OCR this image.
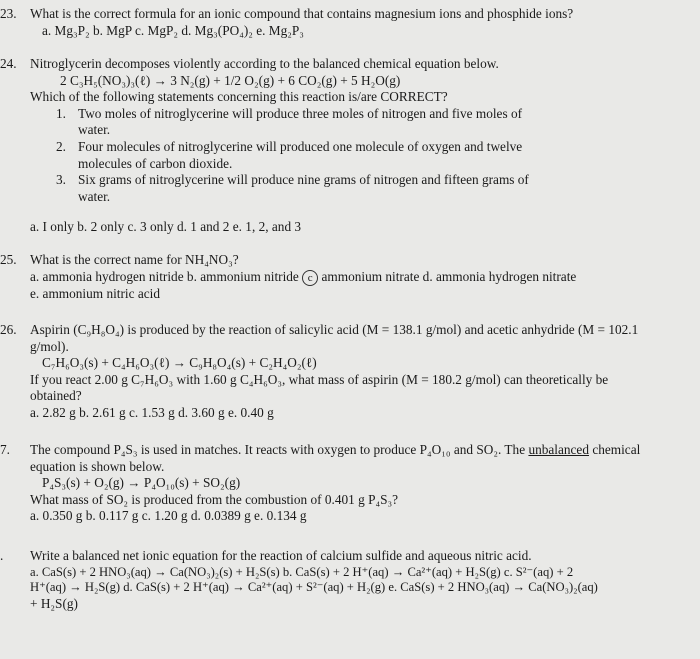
23. What is the correct formula for an ionic compound that contains magnesium ions and phosphide ions?
a. Mg₃P₂ b. MgP c. MgP₂ d. Mg₃(PO₄)₂ e. Mg₂P₃
24. Nitroglycerin decomposes violently according to the balanced chemical equation below.
2 C₃H₅(NO₃)₃(ℓ) → 3 N₂(g) + 1/2 O₂(g) + 6 CO₂(g) + 5 H₂O(g)
Which of the following statements concerning this reaction is/are CORRECT?
1. Two moles of nitroglycerine will produce three moles of nitrogen and five moles of
water.
2. Four molecules of nitroglycerine will produced one molecule of oxygen and twelve
molecules of carbon dioxide.
3. Six grams of nitroglycerine will produce nine grams of nitrogen and fifteen grams of
water.
a. I only b. 2 only c. 3 only d. 1 and 2 e. 1, 2, and 3
25. What is the correct name for NH₄NO₃?
a. ammonia hydrogen nitride b. ammonium nitride c ammonium nitrate d. ammonia hydrogen nitrate
e. ammonium nitric acid
26. Aspirin (C₉H₈O₄) is produced by the reaction of salicylic acid (M = 138.1 g/mol) and acetic anhydride (M = 102.1
g/mol).
C₇H₆O₃(s) + C₄H₆O₃(ℓ) → C₉H₈O₄(s) + C₂H₄O₂(ℓ)
If you react 2.00 g C₇H₆O₃ with 1.60 g C₄H₆O₃, what mass of aspirin (M = 180.2 g/mol) can theoretically be
obtained?
a. 2.82 g b. 2.61 g c. 1.53 g d. 3.60 g e. 0.40 g
7. The compound P₄S₃ is used in matches. It reacts with oxygen to produce P₄O₁₀ and SO₂. The unbalanced chemical
equation is shown below.
P₄S₃(s) + O₂(g) → P₄O₁₀(s) + SO₂(g)
What mass of SO₂ is produced from the combustion of 0.401 g P₄S₃?
a. 0.350 g b. 0.117 g c. 1.20 g d. 0.0389 g e. 0.134 g
. Write a balanced net ionic equation for the reaction of calcium sulfide and aqueous nitric acid.
a. CaS(s) + 2 HNO₃(aq) → Ca(NO₃)₂(s) + H₂S(s) b. CaS(s) + 2 H⁺(aq) → Ca²⁺(aq) + H₂S(g) c. S²⁻(aq) + 2
H⁺(aq) → H₂S(g) d. CaS(s) + 2 H⁺(aq) → Ca²⁺(aq) + S²⁻(aq) + H₂(g) e. CaS(s) + 2 HNO₃(aq) → Ca(NO₃)₂(aq)
+ H₂S(g)
